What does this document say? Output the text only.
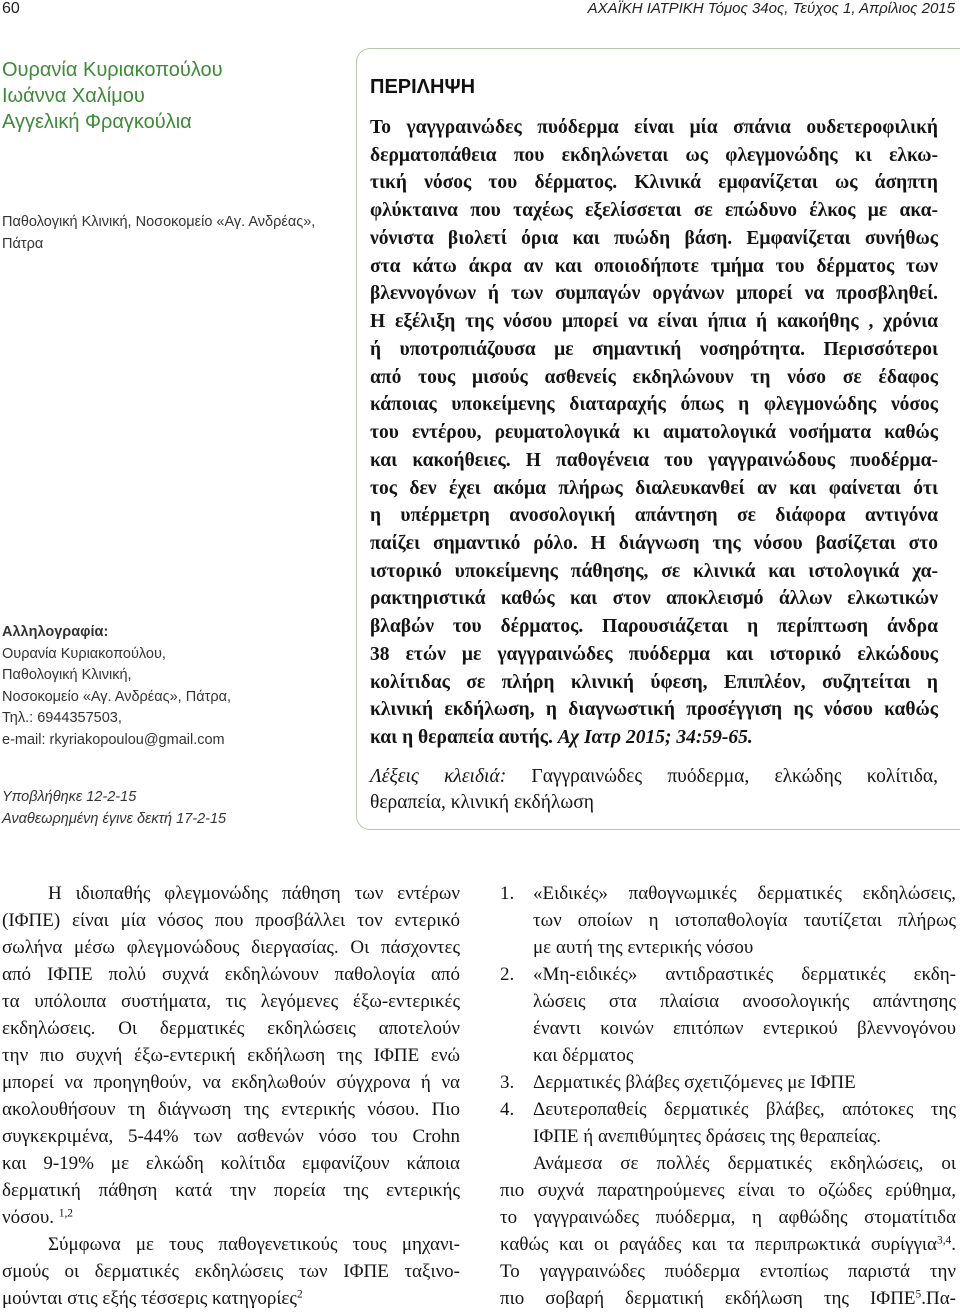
60	ΑΧΑΪΚΗ ΙΑΤΡΙΚΗ Τόμος 34ος, Τεύχος 1, Απρίλιος 2015
Ουρανία Κυριακοπούλου
Ιωάννα Χαλίμου
Αγγελική Φραγκούλια
Παθολογική Κλινική, Νοσοκομείο «Αγ. Ανδρέας»,
Πάτρα
Αλληλογραφία:
Ουρανία Κυριακοπούλου,
Παθολογική Κλινική,
Νοσοκομείο «Αγ. Ανδρέας», Πάτρα,
Τηλ.: 6944357503,
e-mail: rkyriakopoulou@gmail.com
Υποβλήθηκε 12-2-15
Αναθεωρημένη έγινε δεκτή 17-2-15
ΠΕΡΙΛΗΨΗ
Το γαγγραινώδες πυόδερμα είναι μία σπάνια ουδετεροφιλική
δερματοπάθεια που εκδηλώνεται ως φλεγμονώδης κι ελκω-
τική νόσος του δέρματος. Κλινικά εμφανίζεται ως άσηπτη
φλύκταινα που ταχέως εξελίσσεται σε επώδυνο έλκος με ακα-
νόνιστα βιολετί όρια και πυώδη βάση. Εμφανίζεται συνήθως
στα κάτω άκρα αν και οποιοδήποτε τμήμα του δέρματος των
βλεννογόνων ή των συμπαγών οργάνων μπορεί να προσβληθεί.
Η εξέλιξη της νόσου μπορεί να είναι ήπια ή κακοήθης , χρόνια
ή υποτροπιάζουσα με σημαντική νοσηρότητα. Περισσότεροι
από τους μισούς ασθενείς εκδηλώνουν τη νόσο σε έδαφος
κάποιας υποκείμενης διαταραχής όπως η φλεγμονώδης νόσος
του εντέρου, ρευματολογικά κι αιματολογικά νοσήματα καθώς
και κακοήθειες. Η παθογένεια του γαγγραινώδους πυοδέρμα-
τος δεν έχει ακόμα πλήρως διαλευκανθεί αν και φαίνεται ότι
η υπέρμετρη ανοσολογική απάντηση σε διάφορα αντιγόνα
παίζει σημαντικό ρόλο. Η διάγνωση της νόσου βασίζεται στο
ιστορικό υποκείμενης πάθησης, σε κλινικά και ιστολογικά χα-
ρακτηριστικά καθώς και στον αποκλεισμό άλλων ελκωτικών
βλαβών του δέρματος. Παρουσιάζεται η περίπτωση άνδρα
38 ετών με γαγγραινώδες πυόδερμα και ιστορικό ελκώδους
κολίτιδας σε πλήρη κλινική ύφεση, Επιπλέον, συζητείται η
κλινική εκδήλωση, η διαγνωστική προσέγγιση ης νόσου καθώς
και η θεραπεία αυτής. Αχ Ιατρ 2015; 34:59-65.
Λέξεις κλειδιά: Γαγγραινώδες πυόδερμα, ελκώδης κολίτιδα,
θεραπεία, κλινική εκδήλωση
Η ιδιοπαθής φλεγμονώδης πάθηση των εντέρων
(ΙΦΠΕ) είναι μία νόσος που προσβάλλει τον εντερικό
σωλήνα μέσω φλεγμονώδους διεργασίας. Οι πάσχοντες
από ΙΦΠΕ πολύ συχνά εκδηλώνουν παθολογία από
τα υπόλοιπα συστήματα, τις λεγόμενες έξω-εντερικές
εκδηλώσεις. Οι δερματικές εκδηλώσεις αποτελούν
την πιο συχνή έξω-εντερική εκδήλωση της ΙΦΠΕ ενώ
μπορεί να προηγηθούν, να εκδηλωθούν σύγχρονα ή να
ακολουθήσουν τη διάγνωση της εντερικής νόσου. Πιο
συγκεκριμένα, 5-44% των ασθενών νόσο του Crohn
και 9-19% με ελκώδη κολίτιδα εμφανίζουν κάποια
δερματική πάθηση κατά την πορεία της εντερικής
νόσου. $^{1,2}$
Σύμφωνα με τους παθογενετικούς τους μηχανι-
σμούς οι δερματικές εκδηλώσεις των ΙΦΠΕ ταξινο-
μούνται στις εξής τέσσερις κατηγορίες$^2$
1. «Ειδικές» παθογνωμικές δερματικές εκδηλώσεις,
των οποίων η ιστοπαθολογία ταυτίζεται πλήρως
με αυτή της εντερικής νόσου
2. «Μη-ειδικές» αντιδραστικές δερματικές εκδη-
λώσεις στα πλαίσια ανοσολογικής απάντησης
έναντι κοινών επιτόπων εντερικού βλεννογόνου
και δέρματος
3. Δερματικές βλάβες σχετιζόμενες με ΙΦΠΕ
4. Δευτεροπαθείς δερματικές βλάβες, απότοκες της
ΙΦΠΕ ή ανεπιθύμητες δράσεις της θεραπείας.
Ανάμεσα σε πολλές δερματικές εκδηλώσεις, οι
πιο συχνά παρατηρούμενες είναι το οζώδες ερύθημα,
το γαγγραινώδες πυόδερμα, η αφθώδης στοματίτιδα
καθώς και οι ραγάδες και τα περιπρωκτικά συρίγγια$^{3,4}$.
Το γαγγραινώδες πυόδερμα εντοπίως παριστά την
πιο σοβαρή δερματική εκδήλωση της ΙΦΠΕ$^5$.Πα-
